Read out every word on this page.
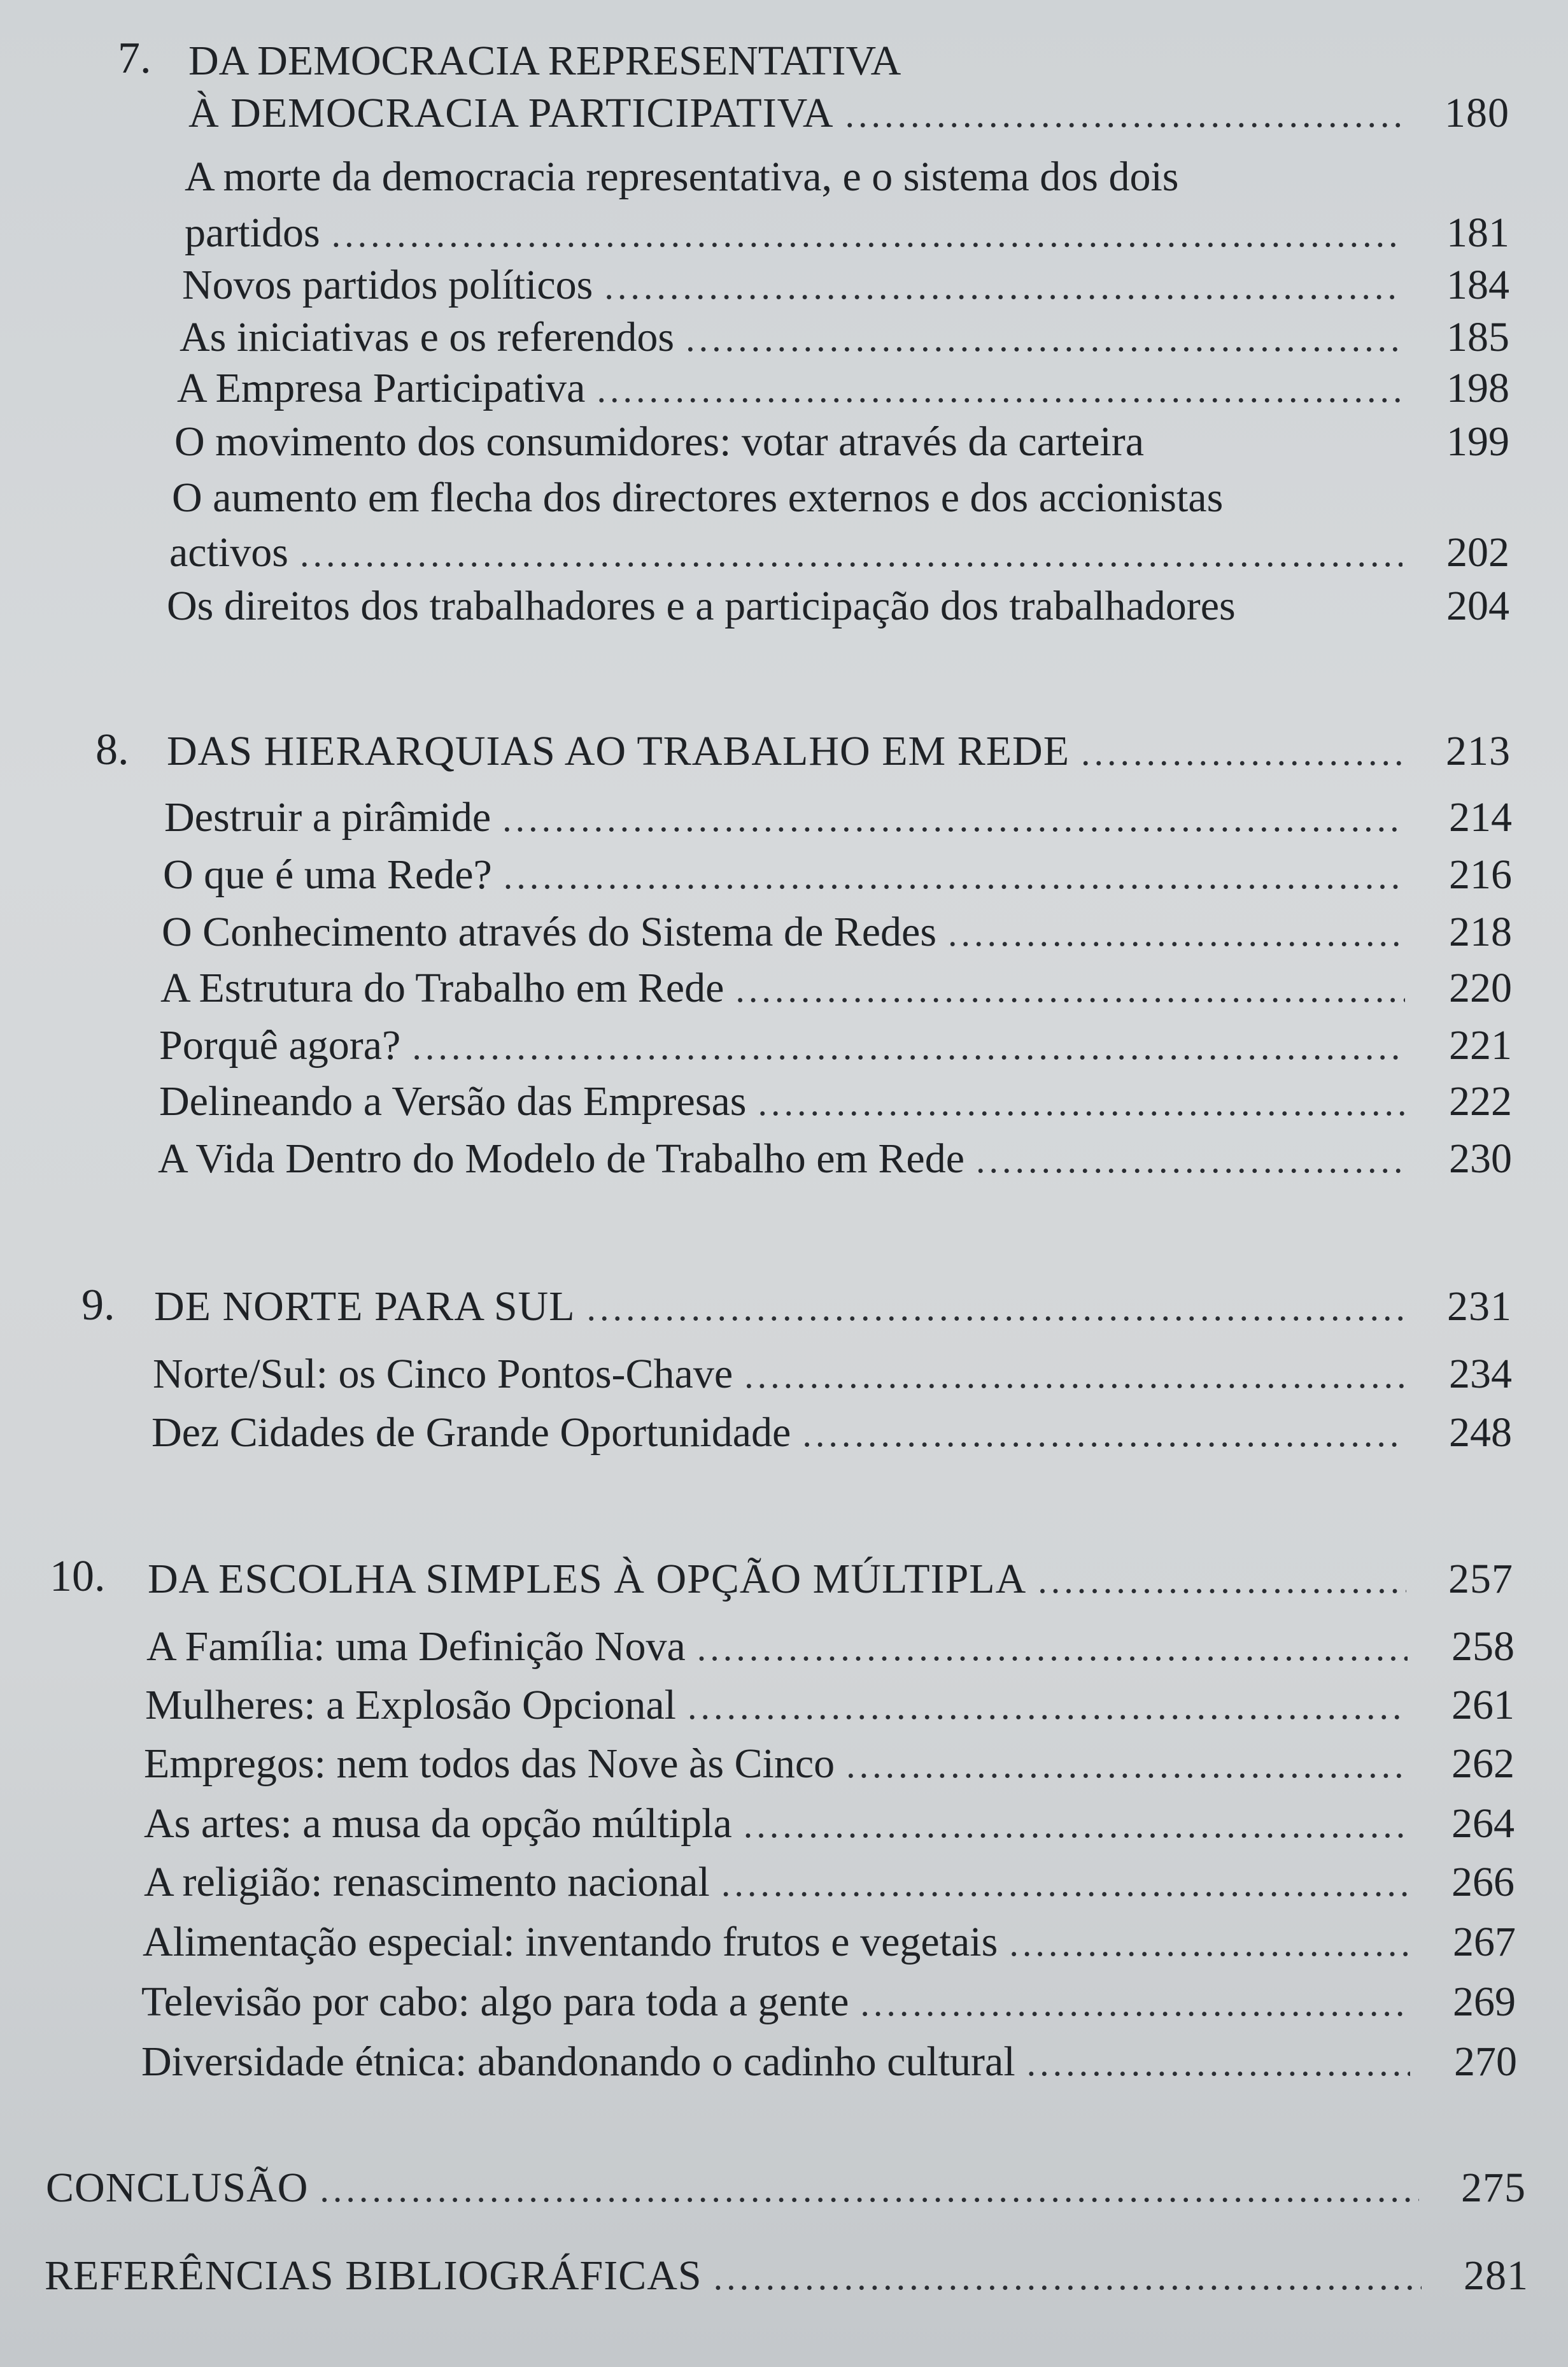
7. DA DEMOCRACIA REPRESENTATIVA
À DEMOCRACIA PARTICIPATIVA .....	180
A morte da democracia representativa, e o sistema dos dois
partidos .....	181
Novos partidos políticos .....	184
As iniciativas e os referendos .....	185
A Empresa Participativa .....	198
O movimento dos consumidores: votar através da carteira	199
O aumento em flecha dos directores externos e dos accionistas
activos .....	202
Os direitos dos trabalhadores e a participação dos trabalhadores	204
8. DAS HIERARQUIAS AO TRABALHO EM REDE .....	213
Destruir a pirâmide .....	214
O que é uma Rede? .....	216
O Conhecimento através do Sistema de Redes .....	218
A Estrutura do Trabalho em Rede .....	220
Porquê agora? .....	221
Delineando a Versão das Empresas .....	222
A Vida Dentro do Modelo de Trabalho em Rede .....	230
9. DE NORTE PARA SUL .....	231
Norte/Sul: os Cinco Pontos-Chave .....	234
Dez Cidades de Grande Oportunidade .....	248
10. DA ESCOLHA SIMPLES À OPÇÃO MÚLTIPLA .....	257
A Família: uma Definição Nova .....	258
Mulheres: a Explosão Opcional .....	261
Empregos: nem todos das Nove às Cinco .....	262
As artes: a musa da opção múltipla .....	264
A religião: renascimento nacional .....	266
Alimentação especial: inventando frutos e vegetais .....	267
Televisão por cabo: algo para toda a gente .....	269
Diversidade étnica: abandonando o cadinho cultural .....	270
CONCLUSÃO .....	275
REFERÊNCIAS BIBLIOGRÁFICAS .....	281
